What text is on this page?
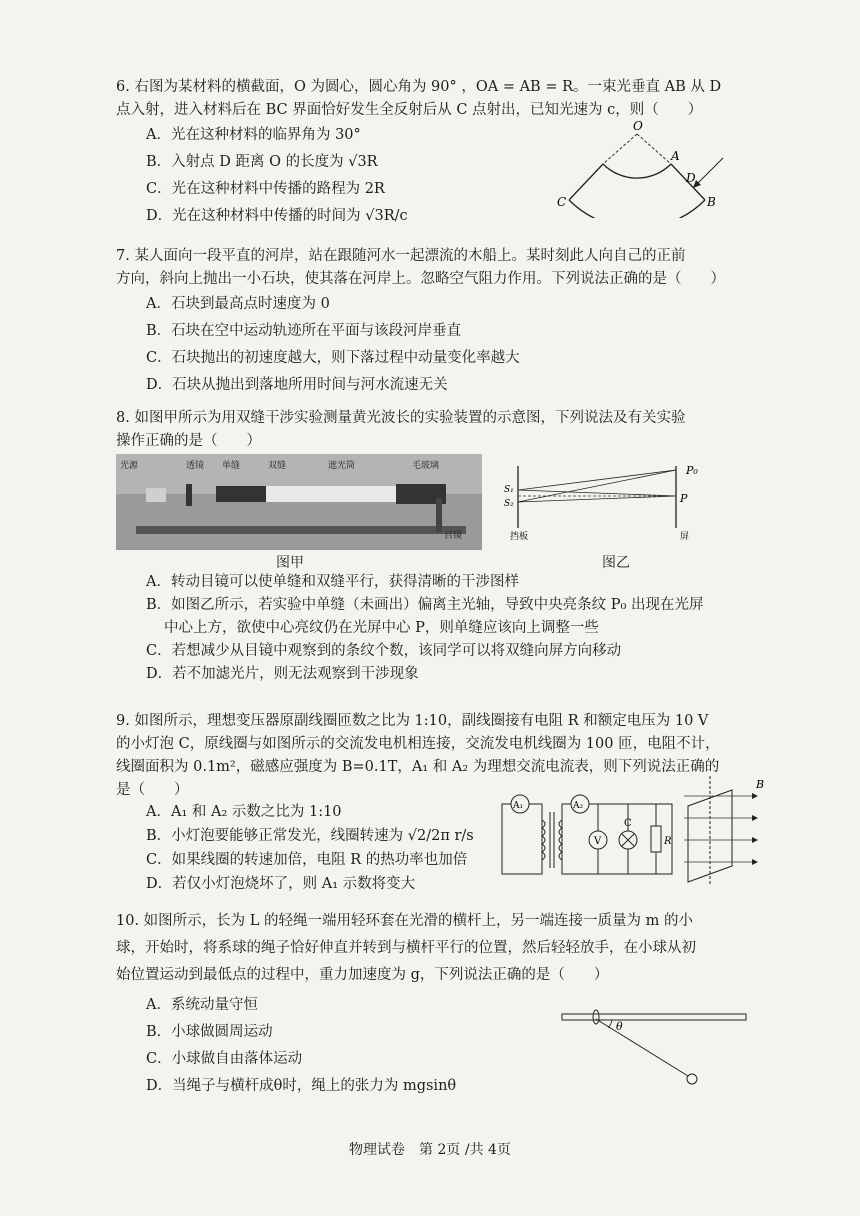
6. 右图为某材料的横截面，O 为圆心，圆心角为 90° ，OA = AB = R。一束光垂直 AB 从 D

点入射，进入材料后在 BC 界面恰好发生全反射后从 C 点射出，已知光速为 c，则（　　）

A．光在这种材料的临界角为 30°

B．入射点 D 距离 O 的长度为 √3R

C．光在这种材料中传播的路程为 2R

D．光在这种材料中传播的时间为 √3R/c

O
A
D
B
C

7. 某人面向一段平直的河岸，站在跟随河水一起漂流的木船上。某时刻此人向自己的正前

方向，斜向上抛出一小石块，使其落在河岸上。忽略空气阻力作用。下列说法正确的是（　　）

A．石块到最高点时速度为 0

B．石块在空中运动轨迹所在平面与该段河岸垂直

C．石块抛出的初速度越大，则下落过程中动量变化率越大

D．石块从抛出到落地所用时间与河水流速无关

8. 如图甲所示为用双缝干涉实验测量黄光波长的实验装置的示意图，下列说法及有关实验

操作正确的是（　　）

光源	透镜 单缝	双缝	遮光筒	毛玻璃
目镜
图甲
P₀
P
S₁
S₂
挡板	屏
图乙

A．转动目镜可以使单缝和双缝平行，获得清晰的干涉图样

B．如图乙所示，若实验中单缝（未画出）偏离主光轴，导致中央亮条纹 P₀ 出现在光屏

中心上方，欲使中心亮纹仍在光屏中心 P，则单缝应该向上调整一些

C．若想减少从目镜中观察到的条纹个数，该同学可以将双缝向屏方向移动

D．若不加滤光片，则无法观察到干涉现象

9. 如图所示，理想变压器原副线圈匝数之比为 1:10，副线圈接有电阻 R 和额定电压为 10 V

的小灯泡 C，原线圈与如图所示的交流发电机相连接，交流发电机线圈为 100 匝，电阻不计，

线圈面积为 0.1m²，磁感应强度为 B=0.1T，A₁ 和 A₂ 为理想交流电流表，则下列说法正确的

是（　　）

A．A₁ 和 A₂ 示数之比为 1:10

B．小灯泡要能够正常发光，线圈转速为 √2/2π r/s

C．如果线圈的转速加倍，电阻 R 的热功率也加倍

D．若仅小灯泡烧坏了，则 A₁ 示数将变大

A₁	A₂
V
C
R
B

10. 如图所示，长为 L 的轻绳一端用轻环套在光滑的横杆上，另一端连接一质量为 m 的小

球，开始时，将系球的绳子恰好伸直并转到与横杆平行的位置，然后轻轻放手，在小球从初

始位置运动到最低点的过程中，重力加速度为 g，下列说法正确的是（　　）

A．系统动量守恒

B．小球做圆周运动

C．小球做自由落体运动

D．当绳子与横杆成θ时，绳上的张力为 mgsinθ

θ
物理试卷　第 2页 /共 4页
